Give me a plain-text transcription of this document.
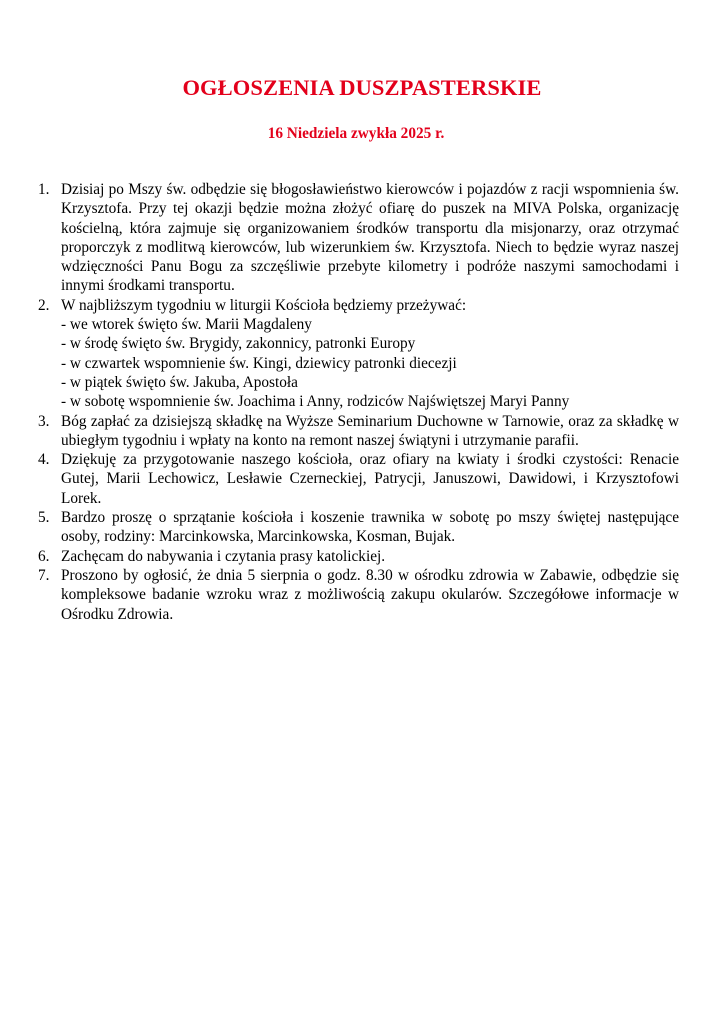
OGŁOSZENIA DUSZPASTERSKIE
16 Niedziela zwykła 2025 r.
1. Dzisiaj po Mszy św. odbędzie się błogosławieństwo kierowców i pojazdów z racji wspomnienia św. Krzysztofa. Przy tej okazji będzie można złożyć ofiarę do puszek na MIVA Polska, organizację kościelną, która zajmuje się organizowaniem środków transportu dla misjonarzy, oraz otrzymać proporczyk z modlitwą kierowców, lub wizerunkiem św. Krzysztofa. Niech to będzie wyraz naszej wdzięczności Panu Bogu za szczęśliwie przebyte kilometry i podróże naszymi samochodami i innymi środkami transportu.
2. W najbliższym tygodniu w liturgii Kościoła będziemy przeżywać:
- we wtorek święto św. Marii Magdaleny
- w środę święto św. Brygidy, zakonnicy, patronki Europy
- w czwartek wspomnienie św. Kingi, dziewicy patronki diecezji
- w piątek święto św. Jakuba, Apostoła
- w sobotę wspomnienie św. Joachima i Anny, rodziców Najświętszej Maryi Panny
3. Bóg zapłać za dzisiejszą składkę na Wyższe Seminarium Duchowne w Tarnowie, oraz za składkę w ubiegłym tygodniu i wpłaty na konto na remont naszej świątyni i utrzymanie parafii.
4. Dziękuję za przygotowanie naszego kościoła, oraz ofiary na kwiaty i środki czystości: Renacie Gutej, Marii Lechowicz, Lesławie Czerneckiej, Patrycji, Januszowi, Dawidowi, i Krzysztofowi Lorek.
5. Bardzo proszę o sprzątanie kościoła i koszenie trawnika w sobotę po mszy świętej następujące osoby, rodziny: Marcinkowska, Marcinkowska, Kosman, Bujak.
6. Zachęcam do nabywania i czytania prasy katolickiej.
7. Proszono by ogłosić, że dnia 5 sierpnia o godz. 8.30 w ośrodku zdrowia w Zabawie, odbędzie się kompleksowe badanie wzroku wraz z możliwością zakupu okularów. Szczegółowe informacje w Ośrodku Zdrowia.
